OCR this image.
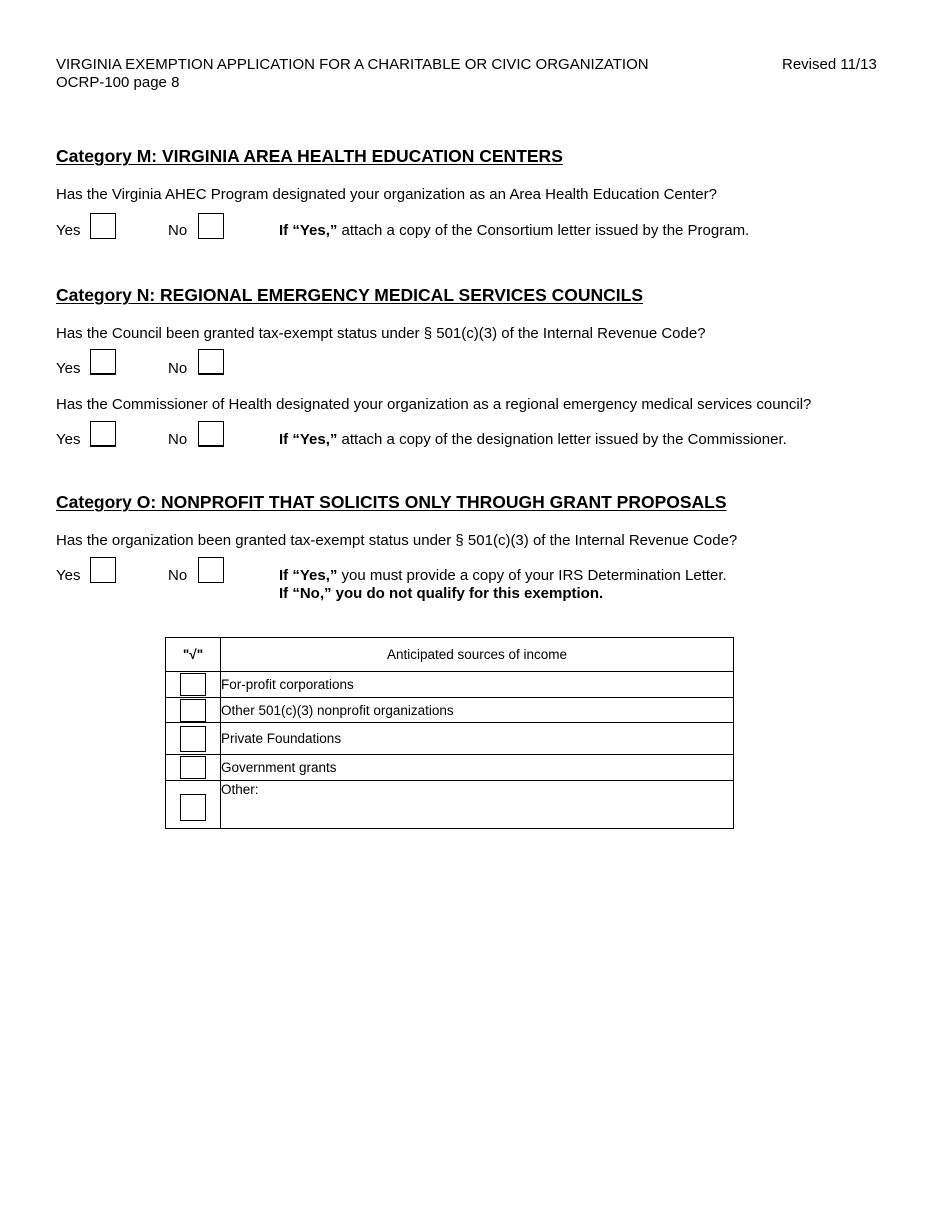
VIRGINIA EXEMPTION APPLICATION FOR A CHARITABLE OR CIVIC ORGANIZATION
OCRP-100 page 8
Revised 11/13
Category M: VIRGINIA AREA HEALTH EDUCATION CENTERS
Has the Virginia AHEC Program designated your organization as an Area Health Education Center?
Yes	No	If “Yes,” attach a copy of the Consortium letter issued by the Program.
Category N: REGIONAL EMERGENCY MEDICAL SERVICES COUNCILS
Has the Council been granted tax-exempt status under § 501(c)(3) of the Internal Revenue Code?
Yes	No
Has the Commissioner of Health designated your organization as a regional emergency medical services council?
Yes	No	If “Yes,” attach a copy of the designation letter issued by the Commissioner.
Category O: NONPROFIT THAT SOLICITS ONLY THROUGH GRANT PROPOSALS
Has the organization been granted tax-exempt status under § 501(c)(3) of the Internal Revenue Code?
Yes	No	If “Yes,” you must provide a copy of your IRS Determination Letter.
If “No,” you do not qualify for this exemption.
"√"	Anticipated sources of income
	For-profit corporations
	Other 501(c)(3) nonprofit organizations
	Private Foundations
	Government grants
	Other:
